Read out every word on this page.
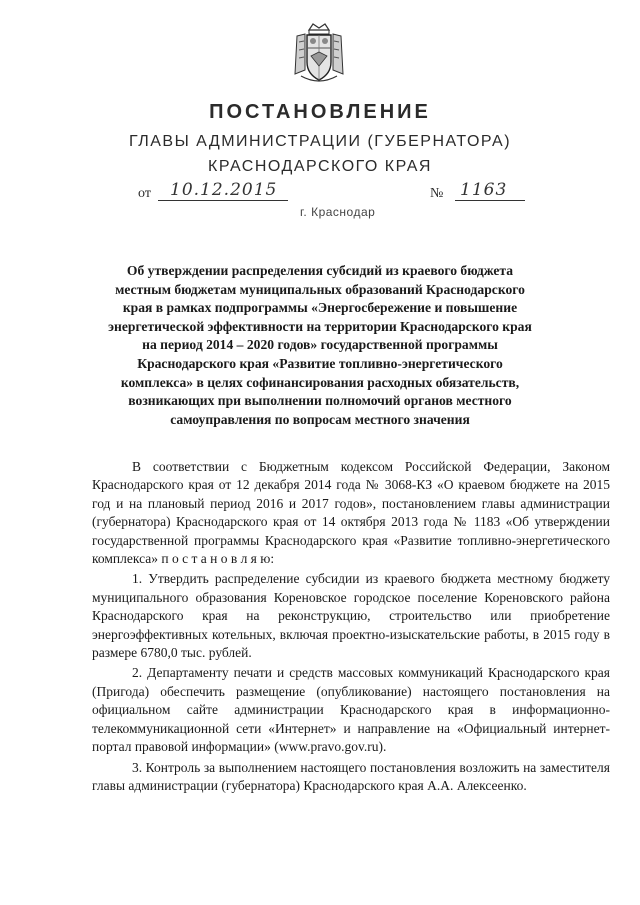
ПОСТАНОВЛЕНИЕ
ГЛАВЫ АДМИНИСТРАЦИИ (ГУБЕРНАТОРА)
КРАСНОДАРСКОГО КРАЯ
от 10.12.2015	№ 1163
г. Краснодар
Об утверждении распределения субсидий из краевого бюджета местным бюджетам муниципальных образований Краснодарского края в рамках подпрограммы «Энергосбережение и повышение энергетической эффективности на территории Краснодарского края на период 2014 – 2020 годов» государственной программы Краснодарского края «Развитие топливно-энергетического комплекса» в целях софинансирования расходных обязательств, возникающих при выполнении полномочий органов местного самоуправления по вопросам местного значения

В соответствии с Бюджетным кодексом Российской Федерации, Законом Краснодарского края от 12 декабря 2014 года № 3068-КЗ «О краевом бюджете на 2015 год и на плановый период 2016 и 2017 годов», постановлением главы администрации (губернатора) Краснодарского края от 14 октября 2013 года № 1183 «Об утверждении государственной программы Краснодарского края «Развитие топливно-энергетического комплекса» п о с т а н о в л я ю:

1. Утвердить распределение субсидии из краевого бюджета местному бюджету муниципального образования Кореновское городское поселение Кореновского района Краснодарского края на реконструкцию, строительство или приобретение энергоэффективных котельных, включая проектно-изыскательские работы, в 2015 году в размере 6780,0 тыс. рублей.

2. Департаменту печати и средств массовых коммуникаций Краснодарского края (Пригода) обеспечить размещение (опубликование) настоящего постановления на официальном сайте администрации Краснодарского края в информационно-телекоммуникационной сети «Интернет» и направление на «Официальный интернет-портал правовой информации» (www.pravo.gov.ru).

3. Контроль за выполнением настоящего постановления возложить на заместителя главы администрации (губернатора) Краснодарского края А.А. Алексеенко.
